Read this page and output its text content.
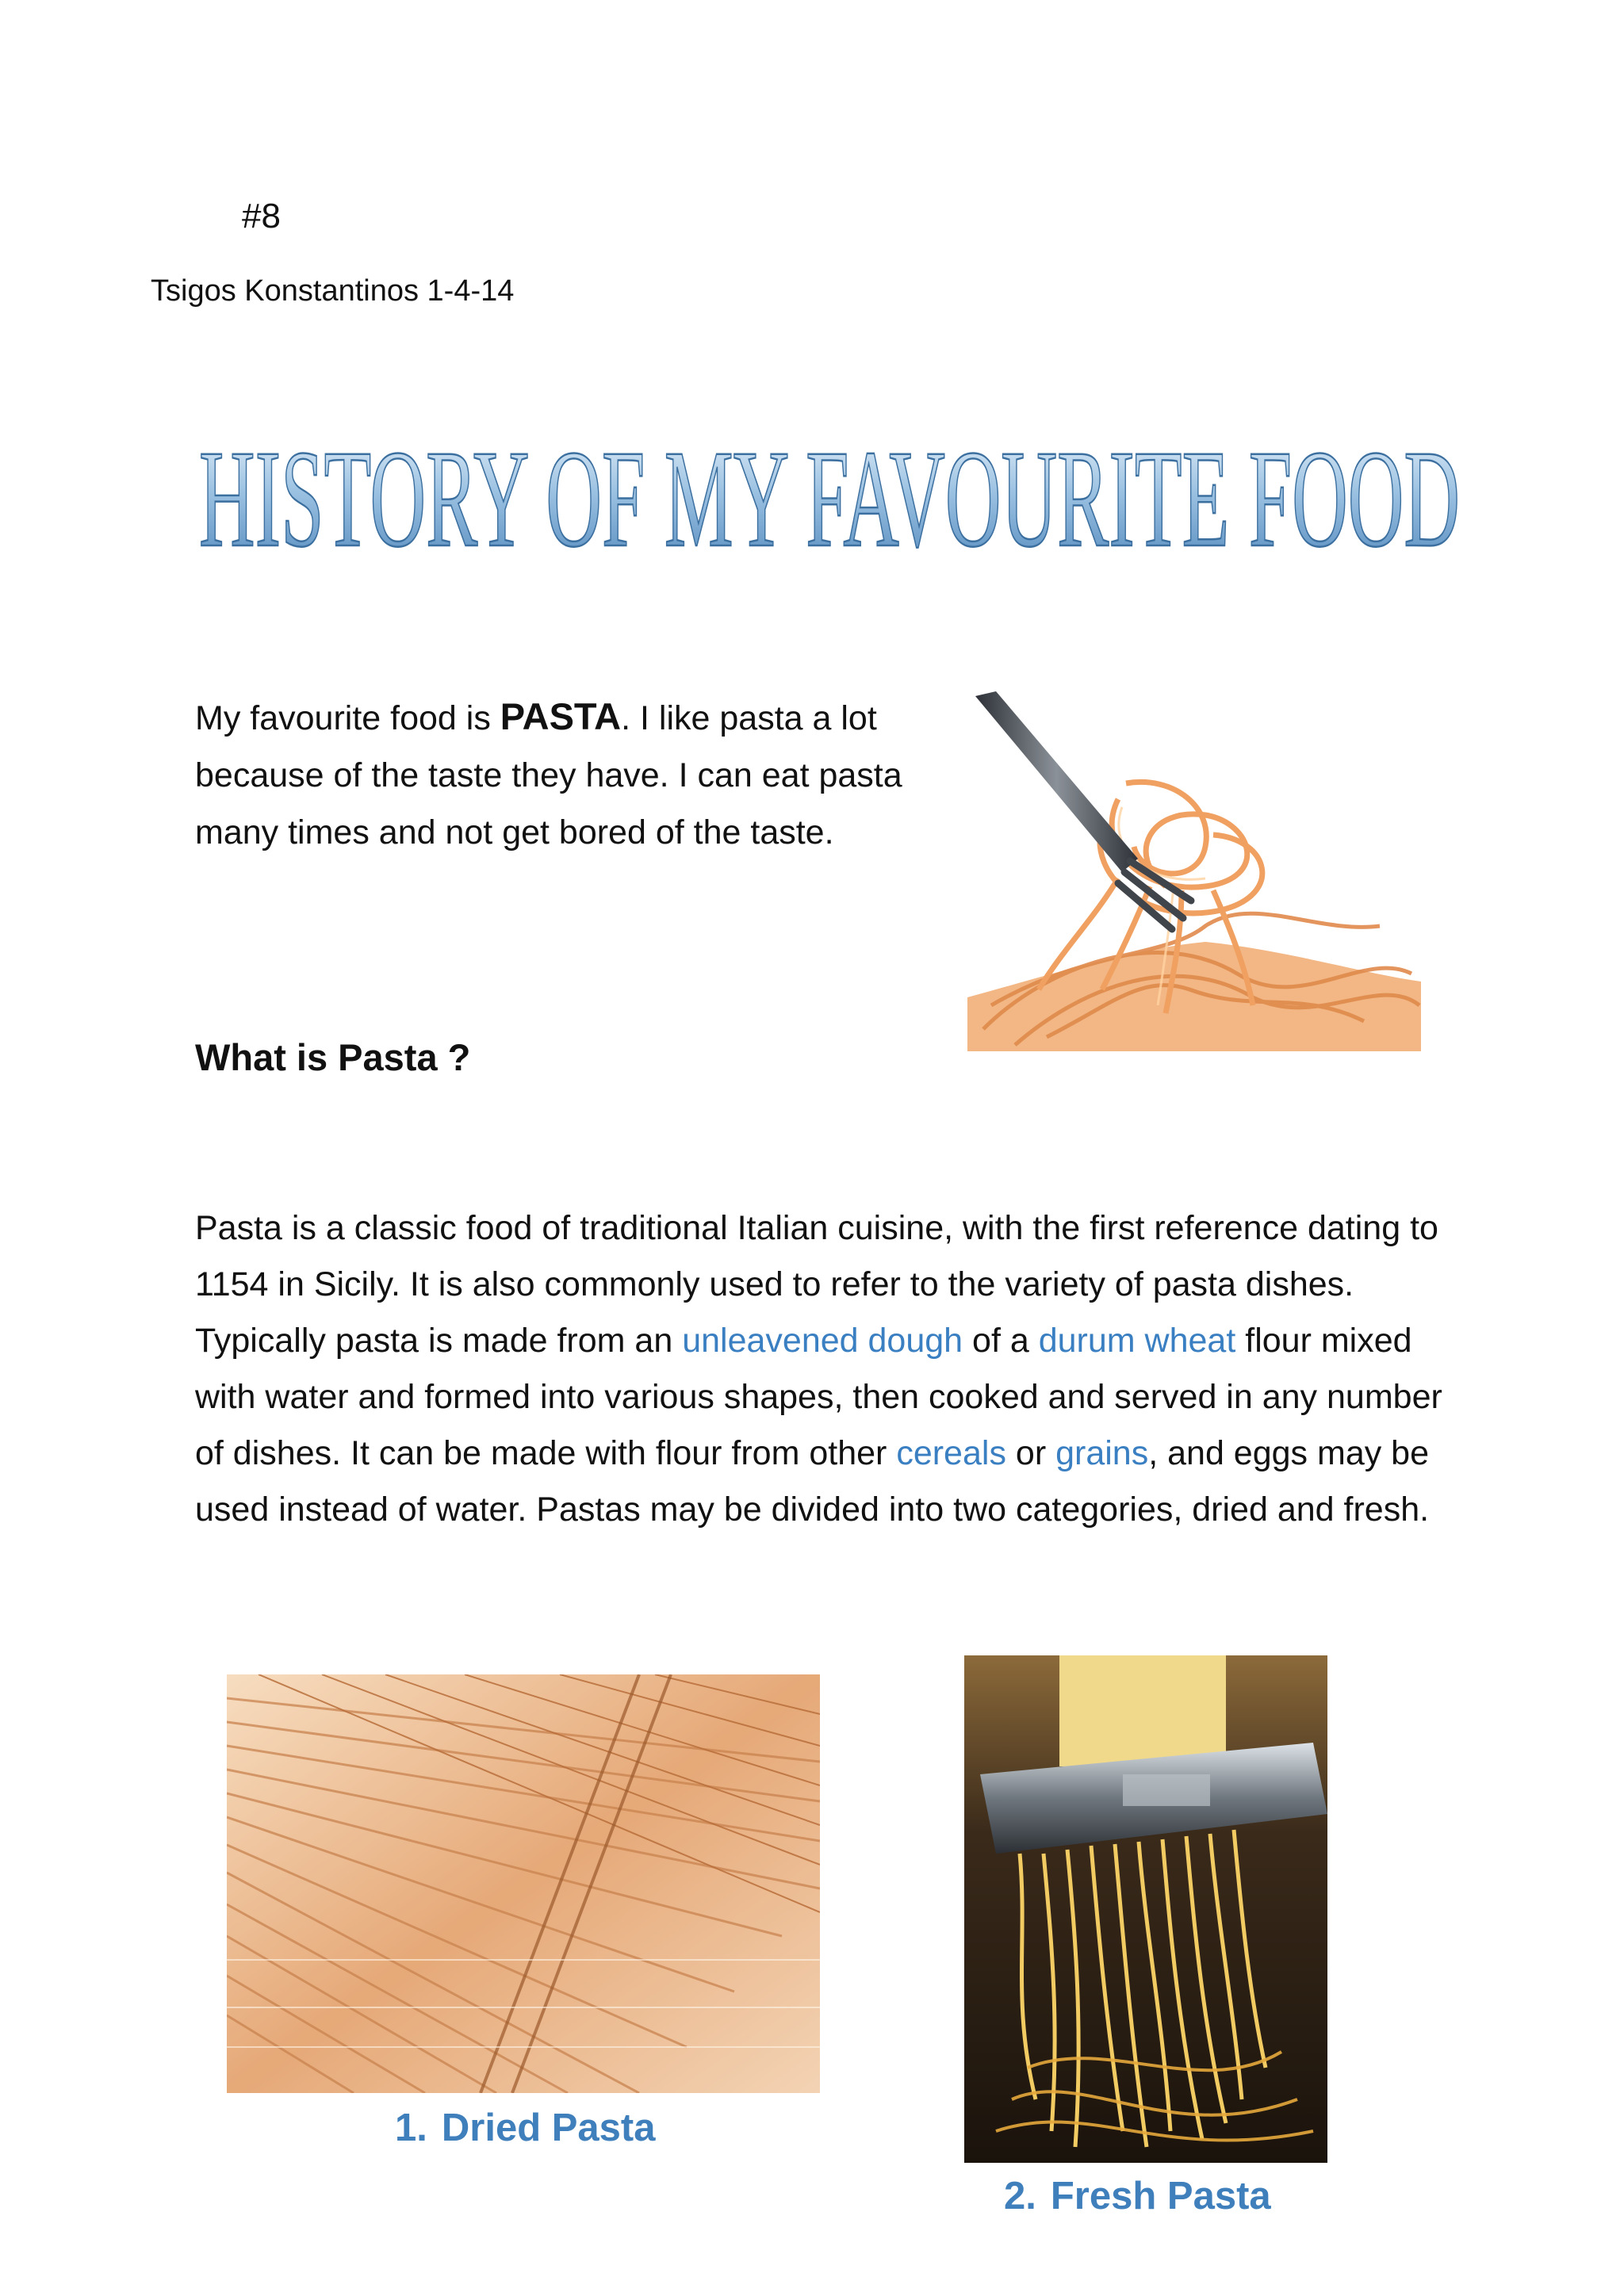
#8
Tsigos Konstantinos 1-4-14
HISTORY OF MY FAVOURITE FOOD
My favourite food is PASTA. I like pasta a lot because of the taste they have. I can eat pasta many times and not get bored of the taste.
What is Pasta ?
Pasta is a classic food of traditional Italian cuisine, with the first reference dating to 1154 in Sicily. It is also commonly used to refer to the variety of pasta dishes. Typically pasta is made from an unleavened dough of a durum wheat flour mixed with water and formed into various shapes, then cooked and served in any number of dishes. It can be made with flour from other cereals or grains, and eggs may be used instead of water. Pastas may be divided into two categories, dried and fresh.
1. Dried Pasta
2. Fresh Pasta
